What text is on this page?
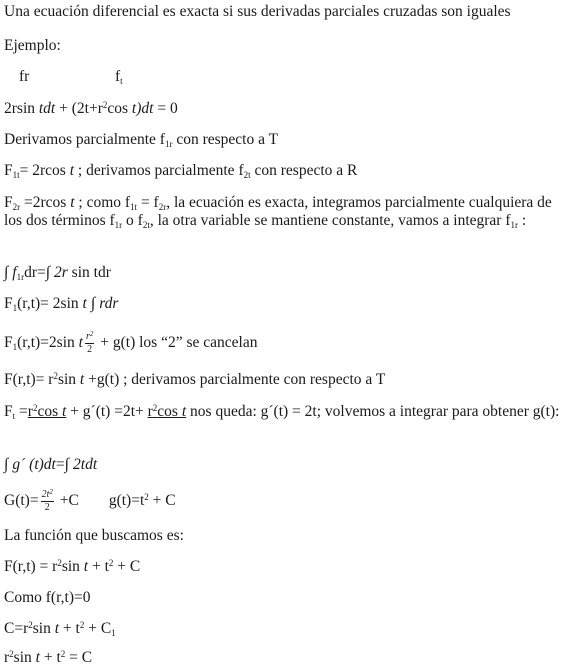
Una ecuación diferencial es exacta si sus derivadas parciales cruzadas son iguales
Ejemplo:
fr	$f_t$
2rsin tdt + ($2t+r^2\cos$ t)dt = 0
Derivamos parcialmente $f_{1r}$ con respecto a T
$F_{1t}= 2rcos$ t ; derivamos parcialmente $f_{2t}$ con respecto a R
$F_{2r} =2rcos$ t ; como $f_{1t} = f_{2r}$, la ecuación es exacta, integramos parcialmente cualquiera de los dos términos $f_{1r}$ o $f_{2t}$, la otra variable se mantiene constante, vamos a integrar $f_{1r}$ :
∫ $f_{1r}dr=\int$ 2r sin tdr
$F_1(r,t)= 2\sin$ t ∫ rdr
$F_1(r,t)=2\sin$ t $\frac{r^2}{2} + g(t)$ los “2” se cancelan
$F(r,t)= r^2\sin$ t +g(t) ; derivamos parcialmente con respecto a T
$F_t =r^2\cos$ t + g´(t) $=2t+ r^2\cos$ t nos queda: g´(t) = 2t; volvemos a integrar para obtener g(t):
∫ g´ (t)dt=∫ 2tdt
$G(t)= \frac{2t^2}{2} +C$ $g(t)=t^2 + C$
La función que buscamos es:
$F(r,t) = r^2\sin$ $t + t^2 + C$
Como f(r,t)=0
$C=r^2\sin$ $t + t^2 + C_1$
$r^2\sin$ $t + t^2 = C$
